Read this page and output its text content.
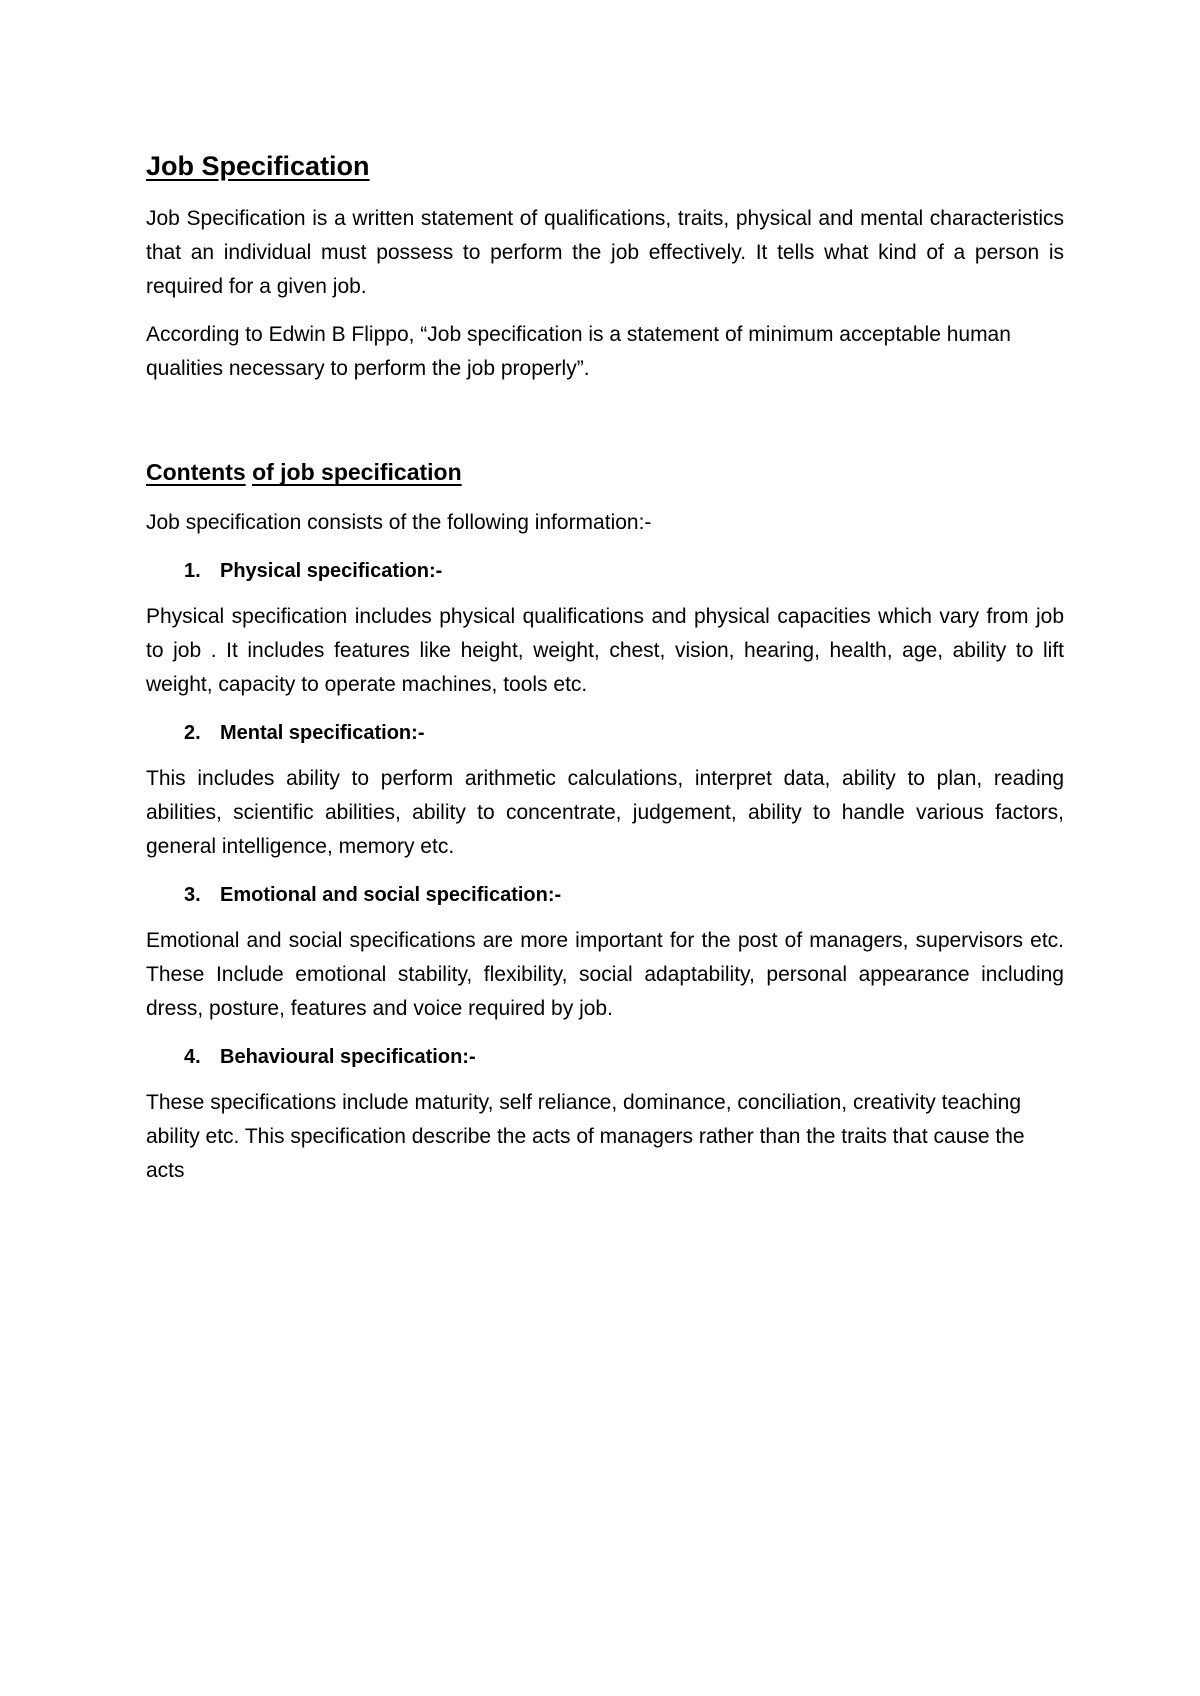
Job Specification

Job Specification is a written statement of qualifications, traits, physical and mental characteristics that an individual must possess to perform the job effectively. It tells what kind of a person is required for a given job.

According to Edwin B Flippo, “Job specification is a statement of minimum acceptable human qualities necessary to perform the job properly”.

Contents of job specification

Job specification consists of the following information:-

1. Physical specification:-

Physical specification includes physical qualifications and physical capacities which vary from job to job . It includes features like height, weight, chest, vision, hearing, health, age, ability to lift weight, capacity to operate machines, tools etc.

2. Mental specification:-

This includes ability to perform arithmetic calculations, interpret data, ability to plan, reading abilities, scientific abilities, ability to concentrate, judgement, ability to handle various factors, general intelligence, memory etc.

3. Emotional and social specification:-

Emotional and social specifications are more important for the post of managers, supervisors etc. These Include emotional stability, flexibility, social adaptability, personal appearance including dress, posture, features and voice required by job.

4. Behavioural specification:-

These specifications include maturity, self reliance, dominance, conciliation, creativity teaching ability etc. This specification describe the acts of managers rather than the traits that cause the acts
